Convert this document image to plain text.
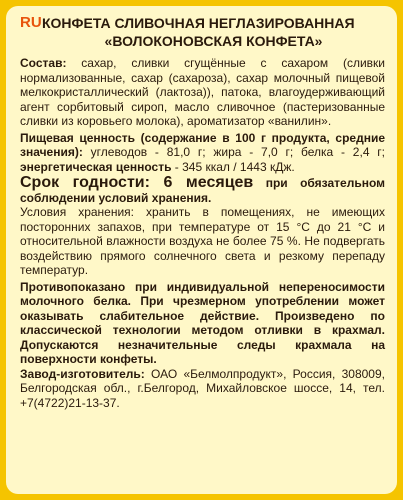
RU КОНФЕТА СЛИВОЧНАЯ НЕГЛАЗИРОВАННАЯ
«ВОЛОКОНОВСКАЯ КОНФЕТА»

Состав: сахар, сливки сгущённые с сахаром (сливки нормализованные, сахар (сахароза), сахар молочный пищевой мелкокристаллический (лактоза)), патока, влагоудерживающий агент сорбитовый сироп, масло сливочное (пастеризованные сливки из коровьего молока), ароматизатор «ванилин».

Пищевая ценность (содержание в 100 г продукта, средние значения): углеводов - 81,0 г; жира - 7,0 г; белка - 2,4 г; энергетическая ценность - 345 ккал / 1443 кДж.

Срок годности: 6 месяцев при обязательном соблюдении условий хранения.

Условия хранения: хранить в помещениях, не имеющих посторонних запахов, при температуре от 15 °С до 21 °С и относительной влажности воздуха не более 75 %. Не подвергать воздействию прямого солнечного света и резкому перепаду температур.

Противопоказано при индивидуальной непереносимости молочного белка. При чрезмерном употреблении может оказывать слабительное действие. Произведено по классической технологии методом отливки в крахмал. Допускаются незначительные следы крахмала на поверхности конфеты.

Завод-изготовитель: ОАО «Белмолпродукт», Россия, 308009, Белгородская обл., г.Белгород, Михайловское шоссе, 14, тел. +7(4722)21-13-37.
